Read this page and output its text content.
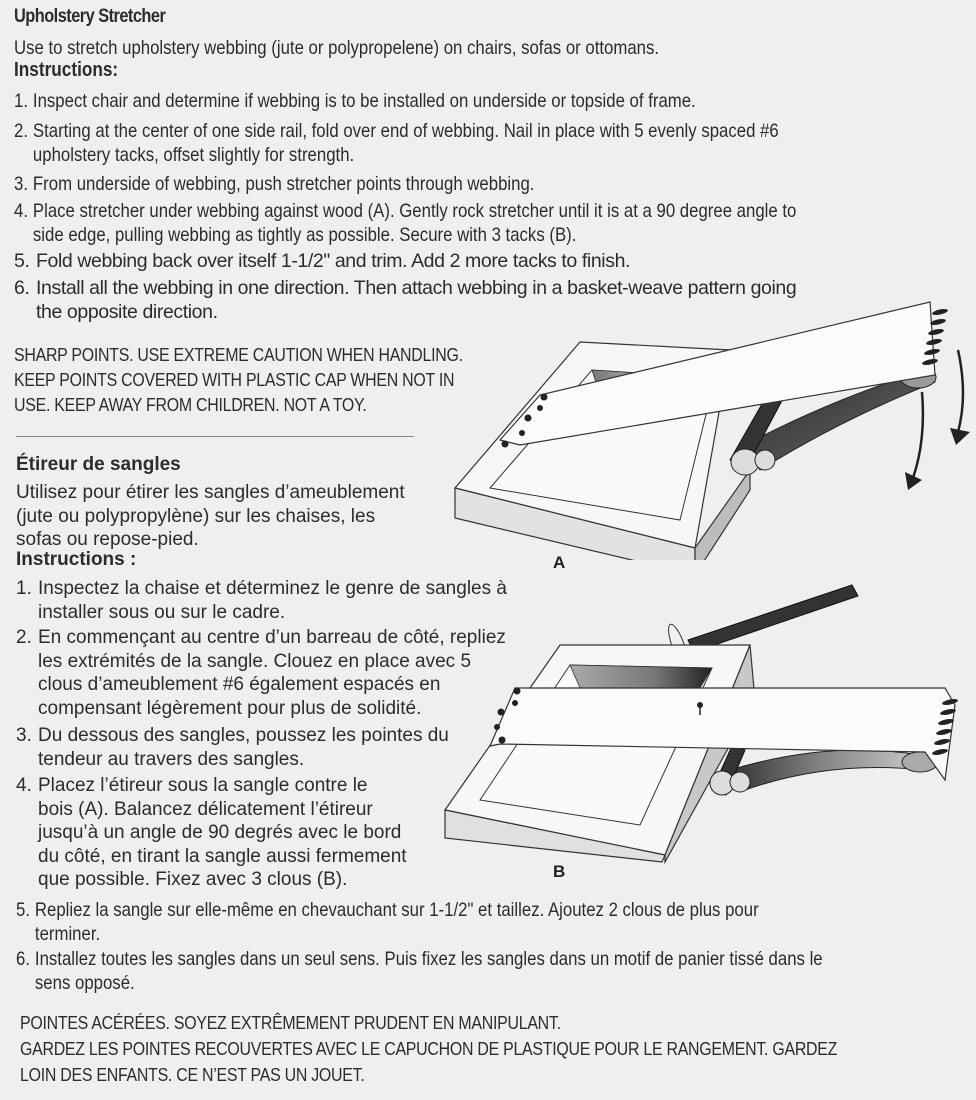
Upholstery Stretcher
Use to stretch upholstery webbing (jute or polypropelene) on chairs, sofas or ottomans.
Instructions:
1. Inspect chair and determine if webbing is to be installed on underside or topside of frame.
2. Starting at the center of one side rail, fold over end of webbing. Nail in place with 5 evenly spaced #6
upholstery tacks, offset slightly for strength.
3. From underside of webbing, push stretcher points through webbing.
4. Place stretcher under webbing against wood (A). Gently rock stretcher until it is at a 90 degree angle to
side edge, pulling webbing as tightly as possible. Secure with 3 tacks (B).
5. Fold webbing back over itself 1-1/2" and trim. Add 2 more tacks to finish.
6. Install all the webbing in one direction. Then attach webbing in a basket-weave pattern going
the opposite direction.
SHARP POINTS. USE EXTREME CAUTION WHEN HANDLING.
KEEP POINTS COVERED WITH PLASTIC CAP WHEN NOT IN
USE. KEEP AWAY FROM CHILDREN. NOT A TOY.
Étireur de sangles
Utilisez pour étirer les sangles d’ameublement
(jute ou polypropylène) sur les chaises, les
sofas ou repose-pied.
Instructions :
1. Inspectez la chaise et déterminez le genre de sangles à
installer sous ou sur le cadre.
2. En commençant au centre d’un barreau de côté, repliez
les extrémités de la sangle. Clouez en place avec 5
clous d’ameublement #6 également espacés en
compensant légèrement pour plus de solidité.
3. Du dessous des sangles, poussez les pointes du
tendeur au travers des sangles.
4. Placez l’étireur sous la sangle contre le
bois (A). Balancez délicatement l’étireur
jusqu’à un angle de 90 degrés avec le bord
du côté, en tirant la sangle aussi fermement
que possible. Fixez avec 3 clous (B).
5. Repliez la sangle sur elle-même en chevauchant sur 1-1/2" et taillez. Ajoutez 2 clous de plus pour
terminer.
6. Installez toutes les sangles dans un seul sens. Puis fixez les sangles dans un motif de panier tissé dans le
sens opposé.
POINTES ACÉRÉES. SOYEZ EXTRÊMEMENT PRUDENT EN MANIPULANT.
GARDEZ LES POINTES RECOUVERTES AVEC LE CAPUCHON DE PLASTIQUE POUR LE RANGEMENT. GARDEZ
LOIN DES ENFANTS. CE N’EST PAS UN JOUET.
A
B
